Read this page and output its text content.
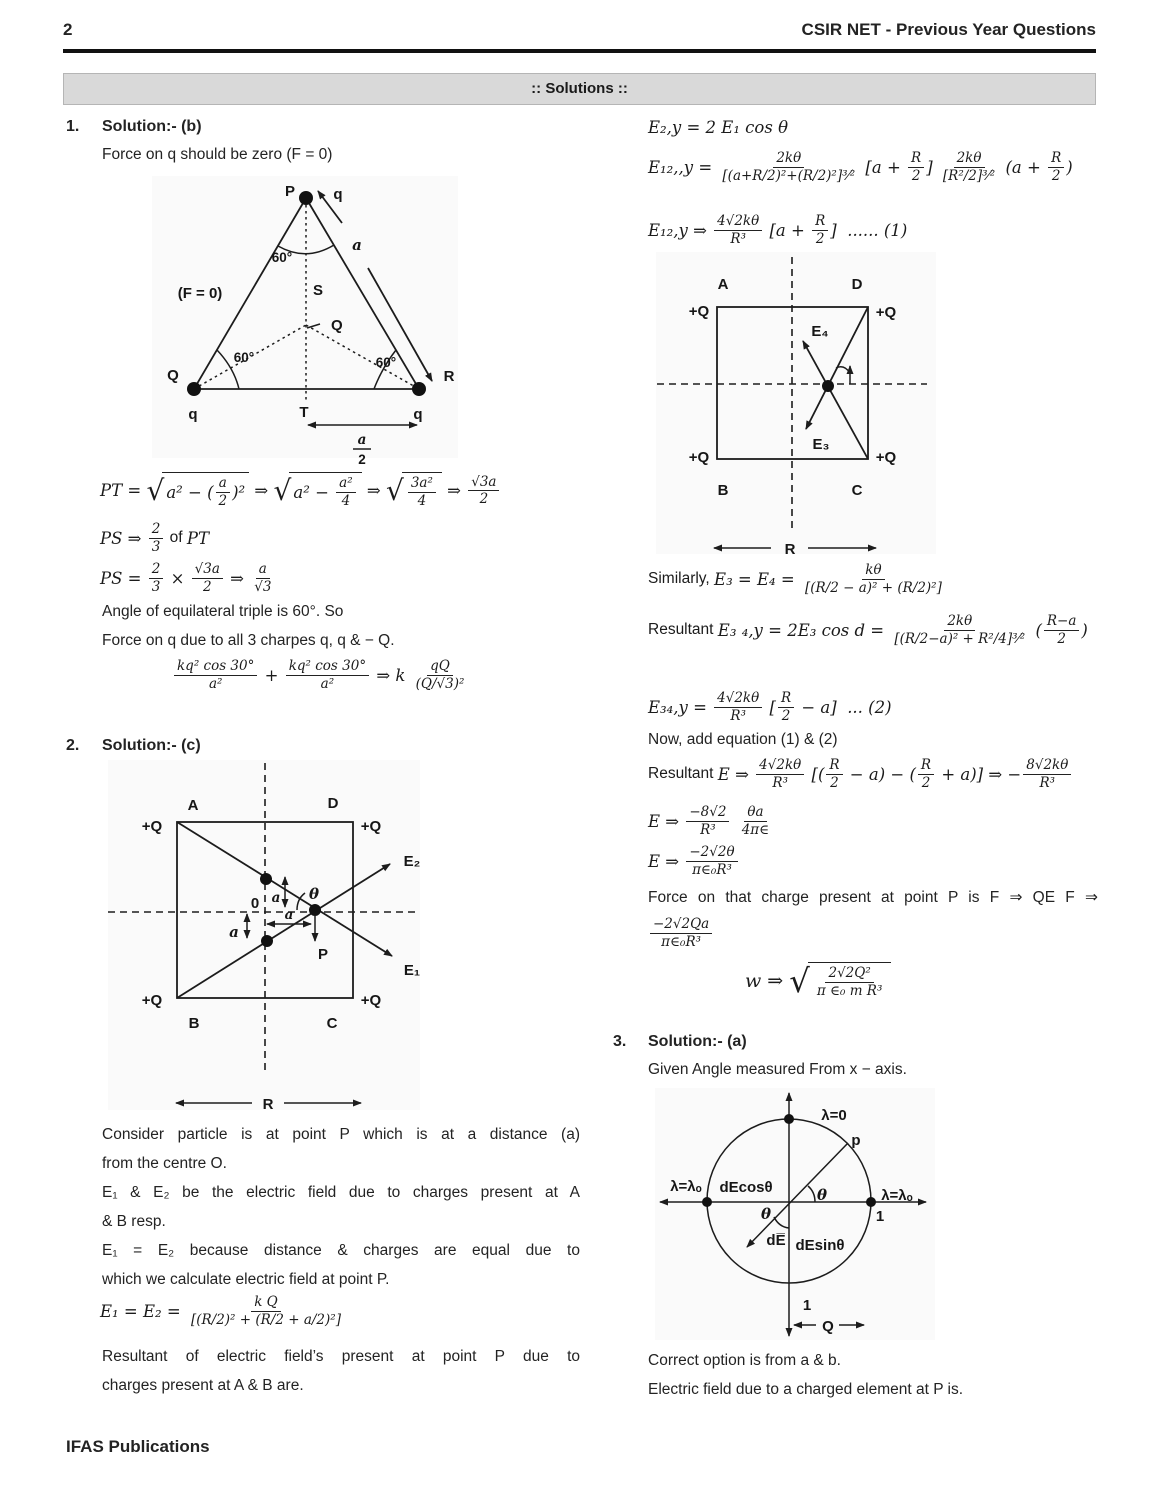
2	CSIR NET - Previous Year Questions
:: Solutions ::
1. Solution:- (b)
Force on q should be zero (F = 0)
P	q
a
(F = 0)	S
Q
60°
60°	60°
Q	R
q	T	q
a
2
PT = √ a² − ( $\frac{a}{2} )^2$ ⇒ √ $a^2 - \frac{\text{a²}}{4}$ ⇒ √ $\frac{\text{3a²}}{4}$ ⇒ $\frac{√3a}{2}$
PS ⇒ $\frac{2}{3}$ of PT
PS = $\frac{2}{3} \times \frac{√3a}{2}$ ⇒ $\frac{a}{√3}$
Angle of equilateral triple is 60°. So
Force on q due to all 3 charpes q, q & − Q.
$\frac{\text{kq² cos 30°}}{\text{a²}} + \frac{\text{kq² cos 30°}}{\text{a²}}$ ⇒ k $\frac{qQ}{\text{(Q/√3)²}}$
2. Solution:- (c)
A	D
+Q	+Q
+Q	+Q
B	C
0
θ
a
a
a
P
E₂
E₁
R
Consider particle is at point P which is at a distance (a)
from the centre O.
E₁ & E₂ be the electric field due to charges present at A
& B resp.
E₁ = E₂ because distance & charges are equal due to
which we calculate electric field at point P.
$E_1 = E_2 = \frac{\text{k Q}}{\text{[(R/2)² + (R/2 + a/2)²]}}$
Resultant of electric field’s present at point P due to
charges present at A & B are.
IFAS Publications
E₂,y = 2 E₁ cos θ
$E_{12},,y = \frac{2k\theta}{\text{[(a+R/2)²+(R/2)²]³⁄²}} [a + \frac{R}{2}$ ] $\frac{2k\theta}{\text{[R²/2]³⁄²}} (a + \frac{R}{2}$ )
E₁₂,y ⇒ $\frac{4√2k\theta}{\text{R³}} [a + \frac{R}{2}$ ]  ...... (1)
A	D
+Q	+Q
+Q	+Q
B	C
E₄
E₃
R
Similarly, $E_3 = E_4 = \frac{k\theta}{\text{[(R/2 − a)² + (R/2)²]}}$
Resultant E₃ ₄,y = 2E₃ $\cos d = \frac{2k\theta}{\text{[(R/2−a)² + R²/4]³⁄²}}$ ( $\frac{R-a}{2}$ )
$E_{34},y = \frac{4√2k\theta}{\text{R³}}$ [ $\frac{R}{2} - a$]  ... (2)
Now, add equation (1) & (2)
Resultant E ⇒ $\frac{4√2k\theta}{\text{R³}}$ [( $\frac{R}{2} - a$) − ( $\frac{R}{2} + a$)] ⇒ − $\frac{8√2k\theta}{\text{R³}}$
E ⇒ $\frac{-8√2}{\text{R³}}$
$\frac{\theta a}{4\pi\in}$
E ⇒ $\frac{-2√2\theta}{\text{π∈₀R³}}$
Force on that charge present at point P is F ⇒ QE F ⇒
$\frac{-2√2Qa}{\text{π∈₀R³}}$
w ⇒ √ $\frac{\text{2√2Q²}}{\text{π ∈₀ m R³}}$
3. Solution:- (a)
Given Angle measured From x − axis.
λ=0
p
λ=λₒ dEcosθ	θ
θ
dE̅ dEsinθ
λ=λₒ
1
1
Q
Correct option is from a & b.
Electric field due to a charged element at P is.
